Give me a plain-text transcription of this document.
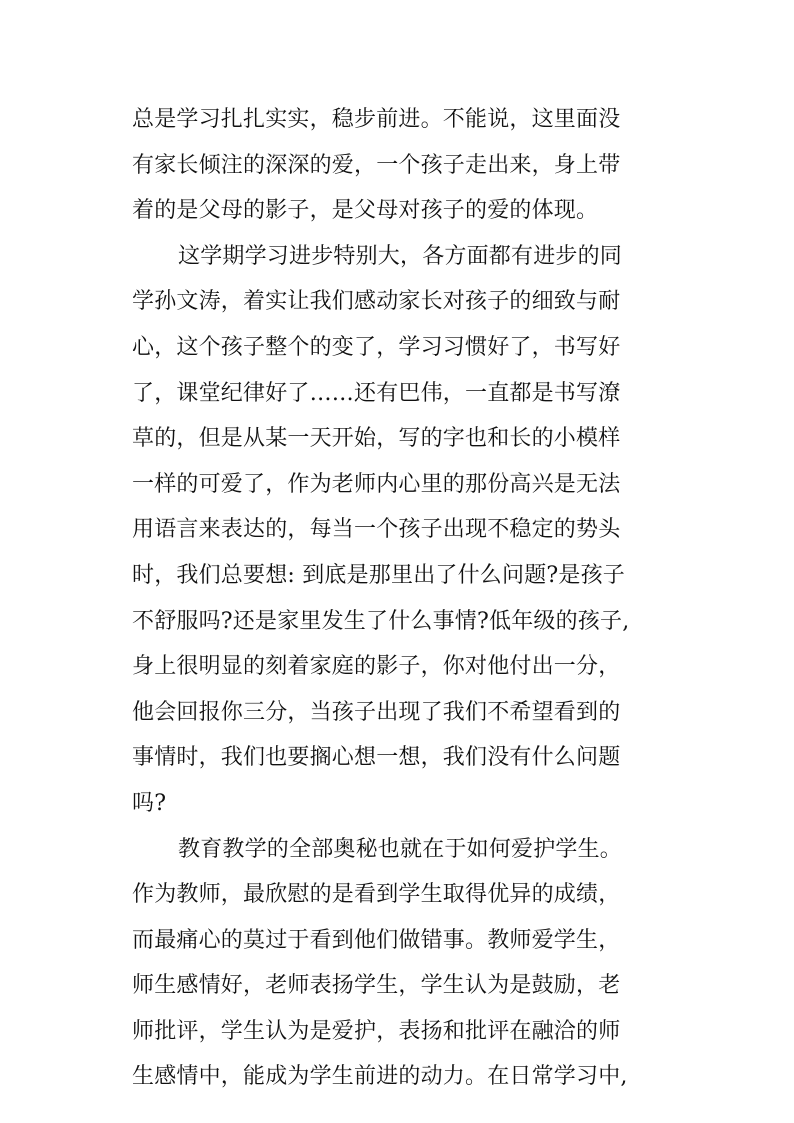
总是学习扎扎实实，稳步前进。不能说，这里面没
有家长倾注的深深的爱，一个孩子走出来，身上带
着的是父母的影子，是父母对孩子的爱的体现。
这学期学习进步特别大，各方面都有进步的同
学孙文涛，着实让我们感动家长对孩子的细致与耐
心，这个孩子整个的变了，学习习惯好了，书写好
了，课堂纪律好了……还有巴伟，一直都是书写潦
草的，但是从某一天开始，写的字也和长的小模样
一样的可爱了，作为老师内心里的那份高兴是无法
用语言来表达的，每当一个孩子出现不稳定的势头
时，我们总要想: 到底是那里出了什么问题?是孩子
不舒服吗?还是家里发生了什么事情?低年级的孩子,
身上很明显的刻着家庭的影子，你对他付出一分，
他会回报你三分，当孩子出现了我们不希望看到的
事情时，我们也要搁心想一想，我们没有什么问题
吗?
教育教学的全部奥秘也就在于如何爱护学生。
作为教师，最欣慰的是看到学生取得优异的成绩，
而最痛心的莫过于看到他们做错事。教师爱学生，
师生感情好，老师表扬学生，学生认为是鼓励，老
师批评，学生认为是爱护，表扬和批评在融洽的师
生感情中，能成为学生前进的动力。在日常学习中,
